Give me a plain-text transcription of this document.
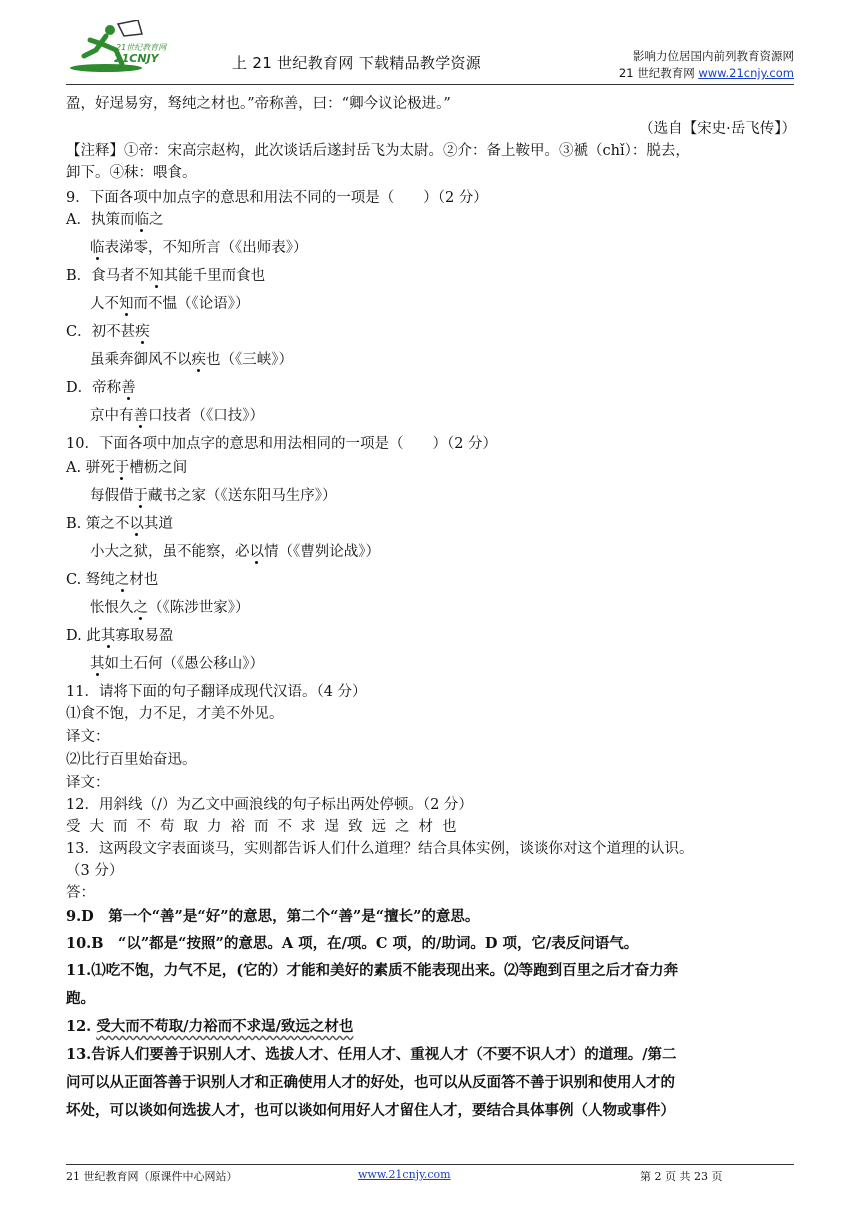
21世纪教育网
21CNJY	上 21 世纪教育网 下载精品教学资源	影响力位居国内前列教育资源网
21 世纪教育网 www.21cnjy.com
盈，好逞易穷，驽纯之材也。”帝称善，曰：“卿今议论极进。”
（选自【宋史·岳飞传】）
【注释】①帝：宋高宗赵构，此次谈话后遂封岳飞为太尉。②介：备上鞍甲。③褫（chǐ）：脱去，
卸下。④秣：喂食。
9．下面各项中加点字的意思和用法不同的一项是（　　）（2 分）
A．执策而临之
临表涕零，不知所言（《出师表》）
B．食马者不知其能千里而食也
人不知而不愠（《论语》）
C．初不甚疾
虽乘奔御风不以疾也（《三峡》）
D．帝称善
京中有善口技者（《口技》）
10．下面各项中加点字的意思和用法相同的一项是（　　）（2 分）
A. 骈死于槽枥之间
每假借于藏书之家（《送东阳马生序》）
B. 策之不以其道
小大之狱，虽不能察，必以情（《曹刿论战》）
C. 驽纯之材也
怅恨久之（《陈涉世家》）
D. 此其寡取易盈
其如土石何（《愚公移山》）
11．请将下面的句子翻译成现代汉语。（4 分）
⑴食不饱，力不足，才美不外见。
译文：
⑵比行百里始奋迅。
译文：
12．用斜线（/）为乙文中画浪线的句子标出两处停顿。（2 分）
受大而不苟取力裕而不求逞致远之材也
13．这两段文字表面谈马，实则都告诉人们什么道理？结合具体实例，谈谈你对这个道理的认识。
（3 分）
答：
9.D　第一个“善”是“好”的意思，第二个“善”是“擅长”的意思。
10.B　“以”都是“按照”的意思。A 项，在/项。C 项，的/助词。D 项，它/表反问语气。
11.⑴吃不饱，力气不足，(它的）才能和美好的素质不能表现出来。⑵等跑到百里之后才奋力奔
跑。
12. 受大而不苟取/力裕而不求逞/致远之材也
13.告诉人们要善于识别人才、选拔人才、任用人才、重视人才（不要不识人才）的道理。/第二
问可以从正面答善于识别人才和正确使用人才的好处，也可以从反面答不善于识别和使用人才的
坏处，可以谈如何选拔人才，也可以谈如何用好人才留住人才，要结合具体事例（人物或事件）
21 世纪教育网（原课件中心网站）	www.21cnjy.com	第 2 页 共 23 页
